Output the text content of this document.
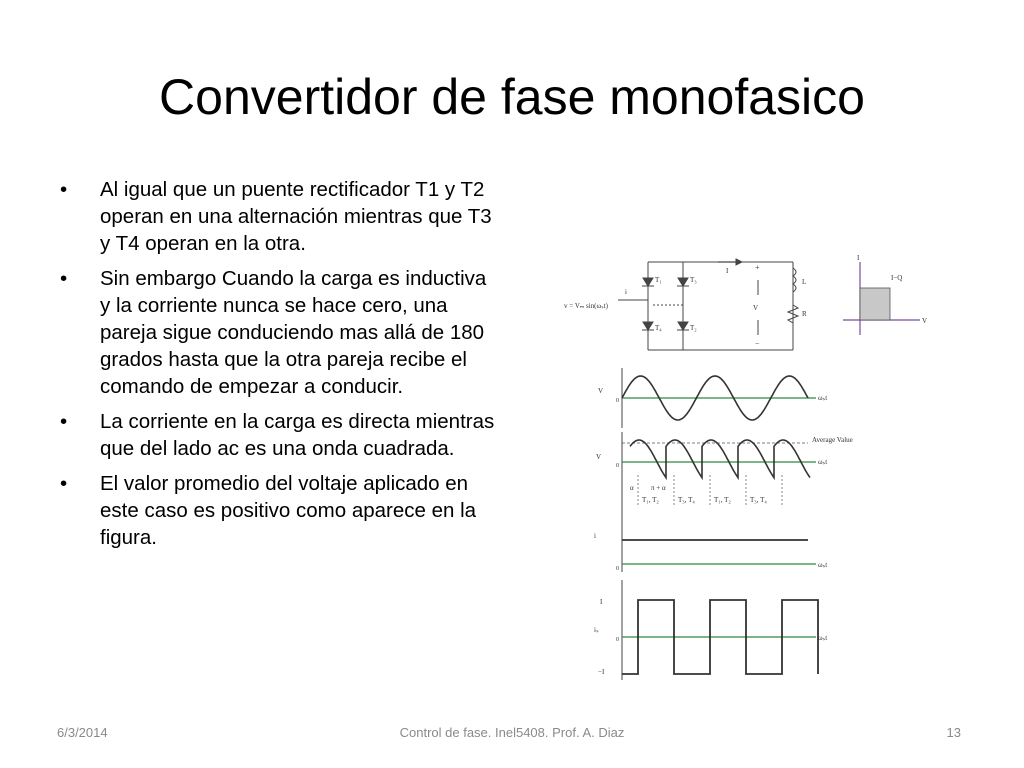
Convertidor de fase monofasico
• Al igual que un puente rectificador T1 y T2 operan en una alternación mientras que T3 y T4 operan en la otra.
• Sin embargo Cuando la carga es inductiva y la corriente nunca se hace cero, una pareja sigue conduciendo mas allá de 180 grados hasta que la otra pareja recibe el comando de empezar a conducir.
• La corriente en la carga es directa mientras que del lado ac es una onda cuadrada.
• El valor promedio del voltaje aplicado en este caso es positivo como aparece en la figura.
v = Vₘ sin(ωₛt)
i
T₁	T₃
T₄	T₂
I
V
+
−
L
R
I
V
I−Q
V
0	ωₛt
V
0
Average Value
ωₛt
α π + α
T₁, T₂	T₃, T₄	T₁, T₂	T₃, T₄
i
0	ωₛt
I
iₛ
0
−I
ωₛt
6/3/2014	Control de fase. Inel5408. Prof. A. Diaz	13
